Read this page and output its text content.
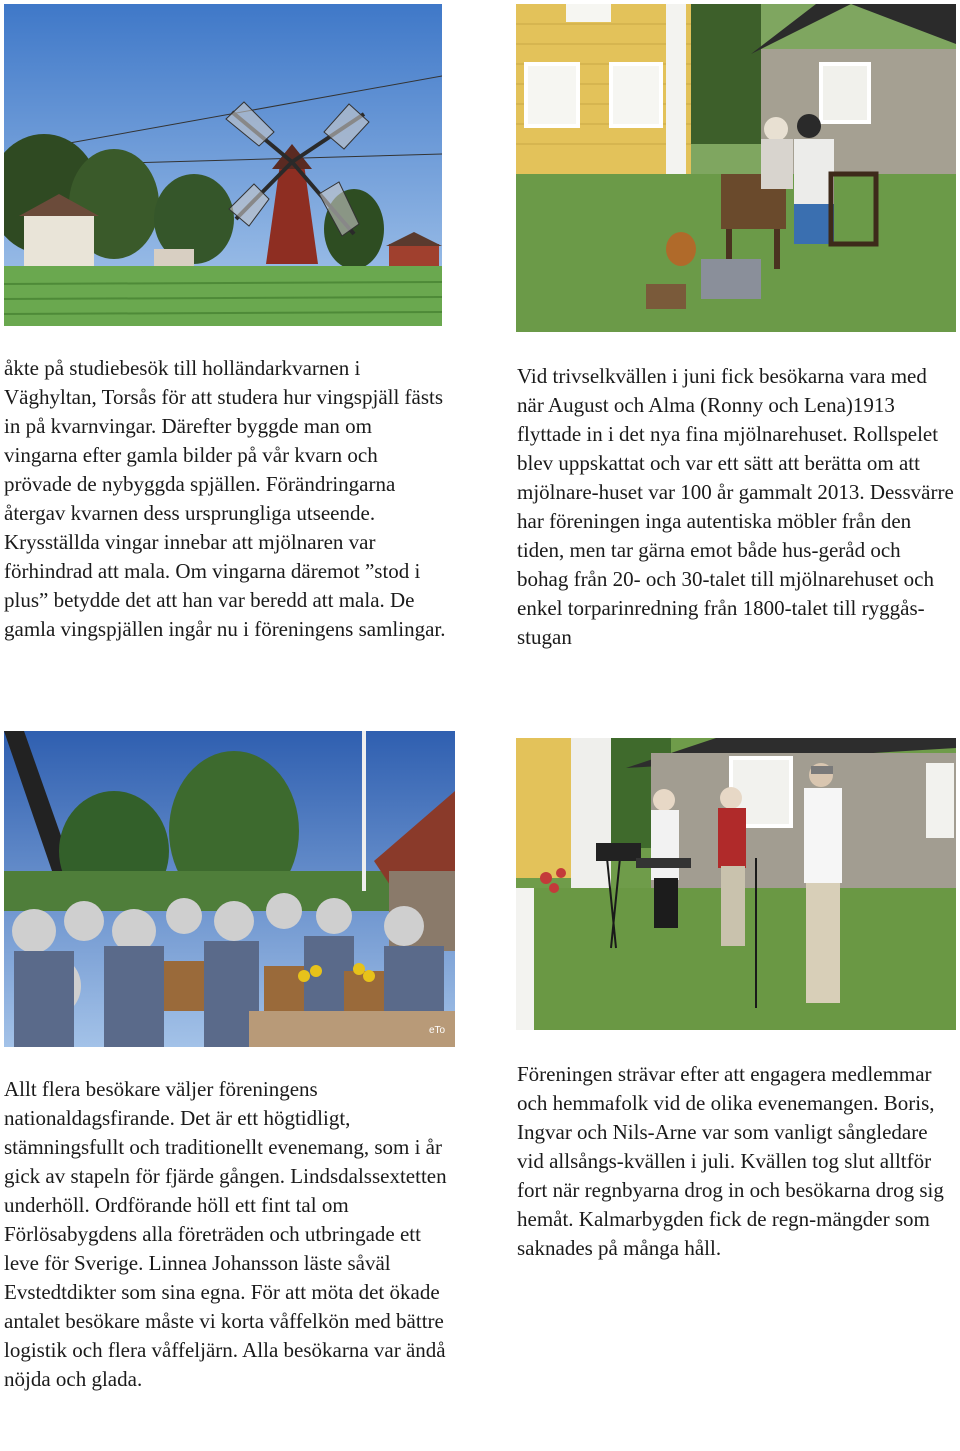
åkte på studiebesök till holländarkvarnen i Väghyltan, Torsås för att studera hur vingspjäll fästs in på kvarnvingar. Därefter byggde man om vingarna efter gamla bilder på vår kvarn och prövade de nybyggda spjällen. Förändringarna återgav kvarnen dess ursprungliga utseende. Krysställda vingar innebar att mjölnaren var förhindrad att mala. Om vingarna däremot ”stod i plus” betydde det att han var beredd att mala. De gamla vingspjällen ingår nu i föreningens samlingar.

Vid trivselkvällen i juni fick besökarna vara med när August och Alma (Ronny och Lena)1913 flyttade in i det nya fina mjölnarehuset. Rollspelet blev uppskattat och var ett sätt att berätta om att mjölnare-huset var 100 år gammalt 2013. Dessvärre har föreningen inga autentiska möbler från den tiden, men tar gärna emot både hus-geråd och bohag från 20- och 30-talet till mjölnarehuset och enkel torparinredning från 1800-talet till ryggås-stugan

eTo

Allt flera besökare väljer föreningens nationaldagsfirande. Det är ett högtidligt, stämningsfullt och traditionellt evenemang, som i år gick av stapeln för fjärde gången. Lindsdalssextetten underhöll. Ordförande höll ett fint tal om Förlösabygdens alla företräden och utbringade ett leve för Sverige. Linnea Johansson läste såväl Evstedtdikter som sina egna. För att möta det ökade antalet besökare måste vi korta våffelkön med bättre logistik och flera våffeljärn. Alla besökarna var ändå nöjda och glada.

Föreningen strävar efter att engagera medlemmar och hemmafolk vid de olika evenemangen. Boris, Ingvar och Nils-Arne var som vanligt sångledare vid allsångs-kvällen i juli. Kvällen tog slut alltför fort när regnbyarna drog in och besökarna drog sig hemåt. Kalmarbygden fick de regn-mängder som saknades på många håll.
